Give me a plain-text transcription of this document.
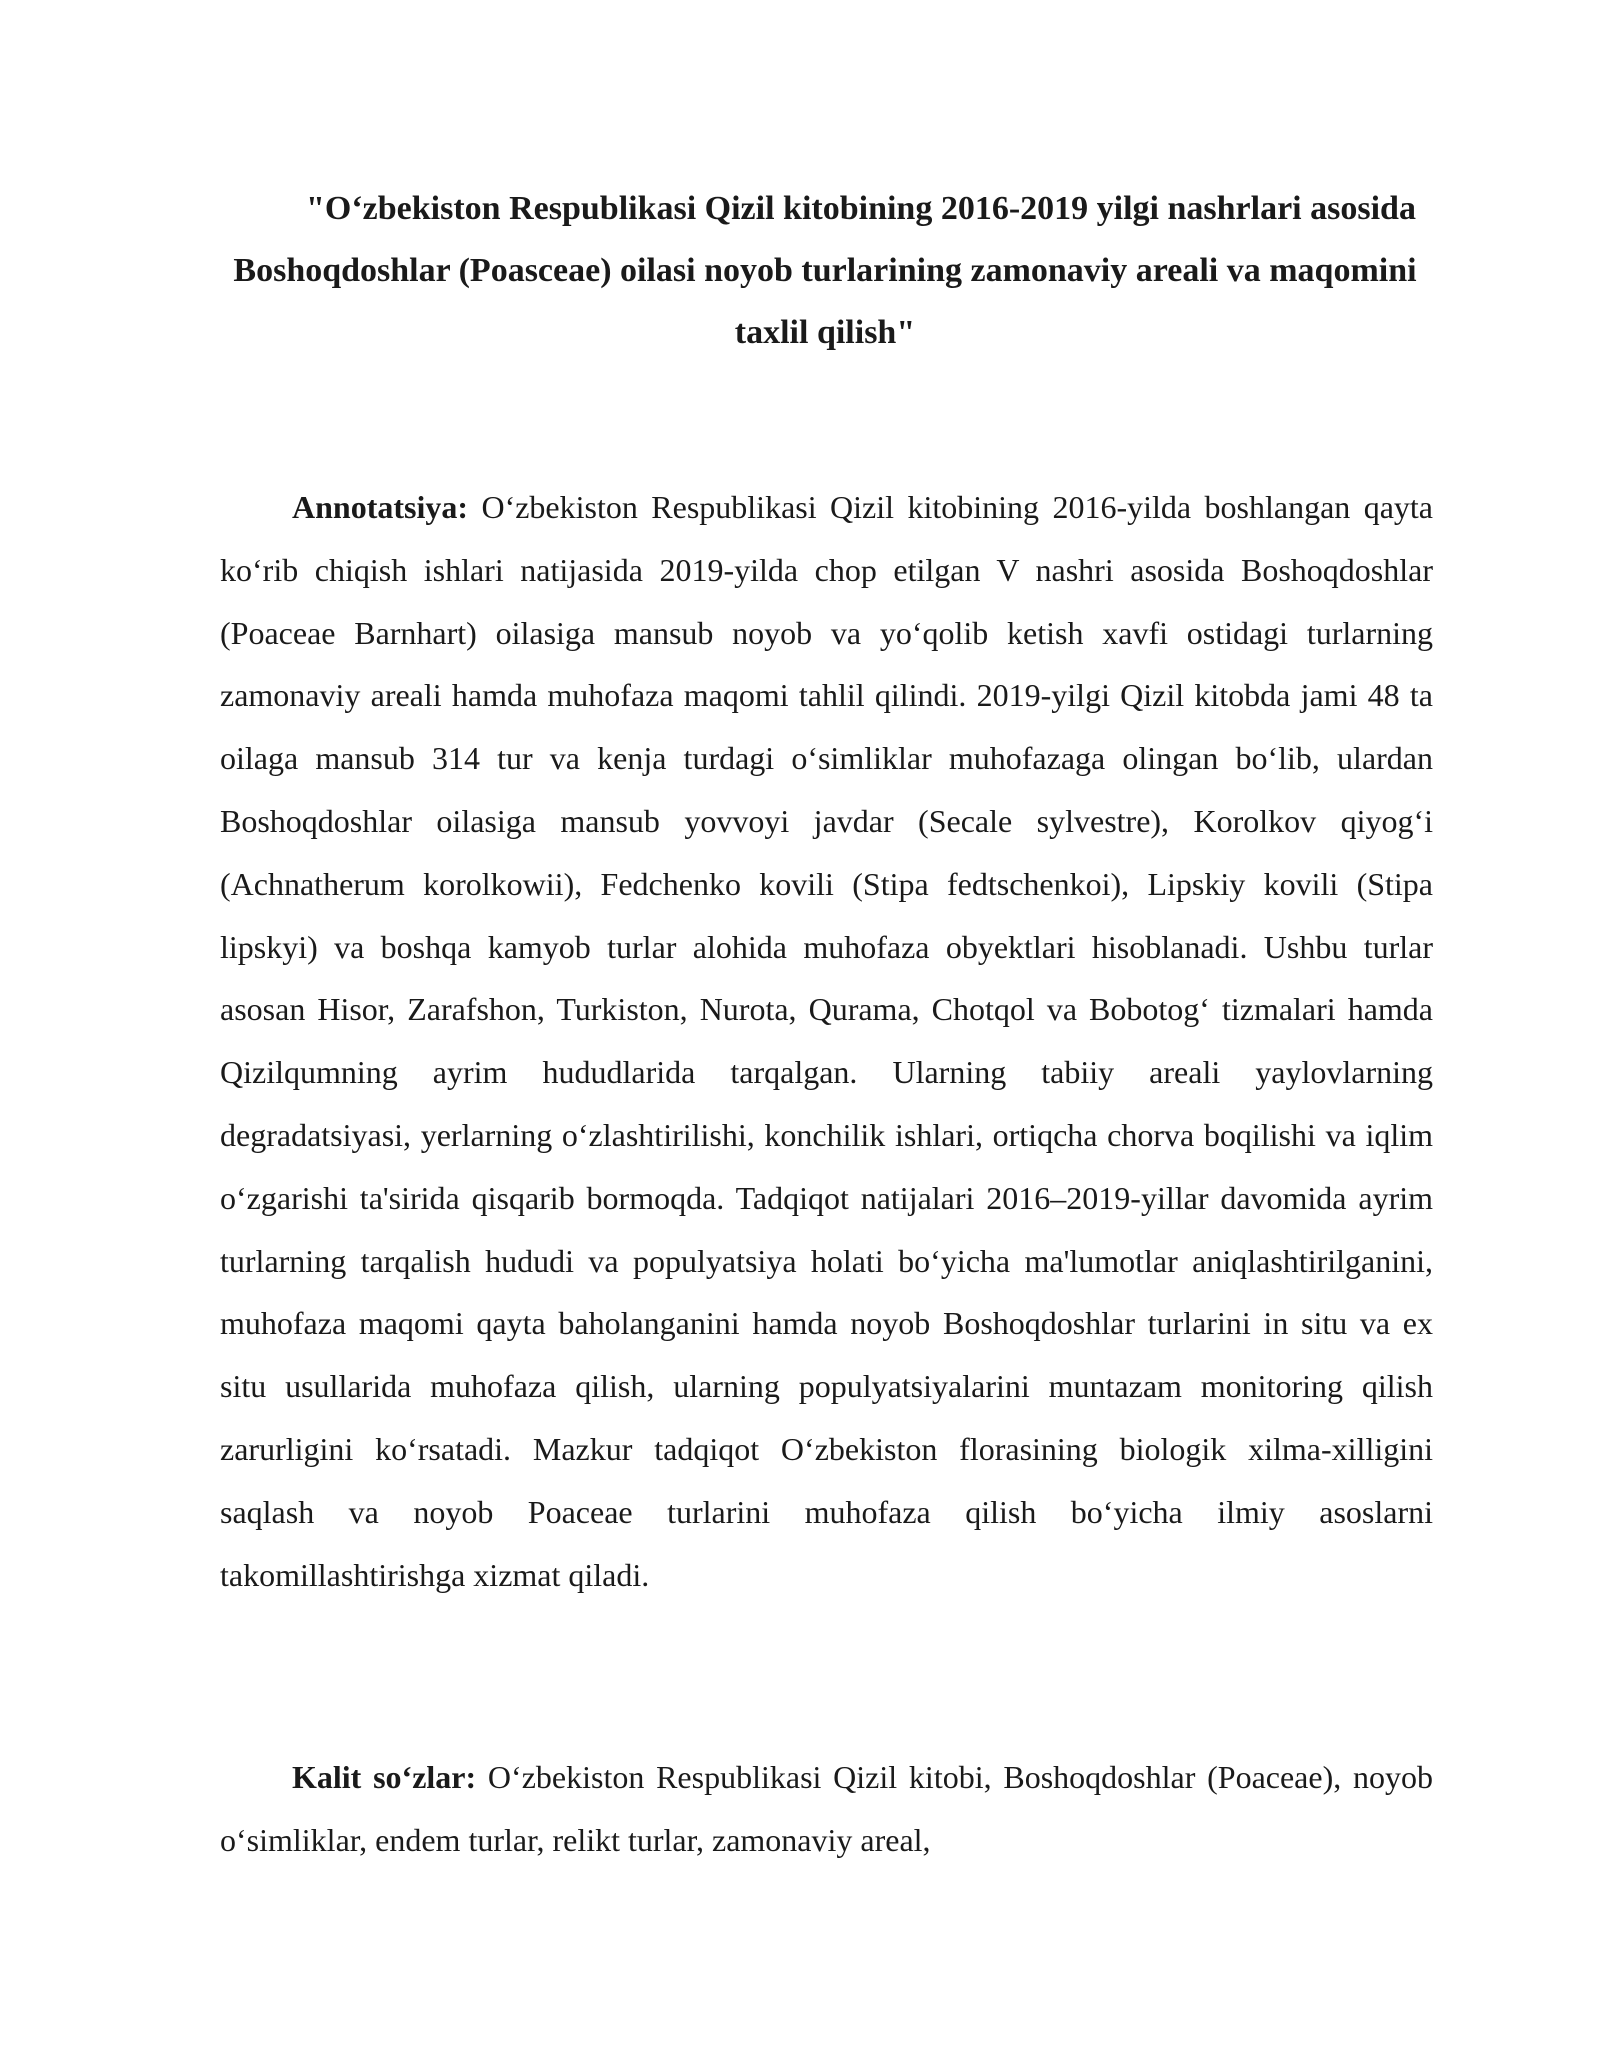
"O‘zbekiston Respublikasi Qizil kitobining 2016-2019 yilgi nashrlari asosida Boshoqdoshlar (Poasceae) oilasi noyob turlarining zamonaviy areali va maqomini taxlil qilish"

Annotatsiya: O‘zbekiston Respublikasi Qizil kitobining 2016-yilda boshlangan qayta ko‘rib chiqish ishlari natijasida 2019-yilda chop etilgan V nashri asosida Boshoqdoshlar (Poaceae Barnhart) oilasiga mansub noyob va yo‘qolib ketish xavfi ostidagi turlarning zamonaviy areali hamda muhofaza maqomi tahlil qilindi. 2019-yilgi Qizil kitobda jami 48 ta oilaga mansub 314 tur va kenja turdagi o‘simliklar muhofazaga olingan bo‘lib, ulardan Boshoqdoshlar oilasiga mansub yovvoyi javdar (Secale sylvestre), Korolkov qiyog‘i (Achnatherum korolkowii), Fedchenko kovili (Stipa fedtschenkoi), Lipskiy kovili (Stipa lipskyi) va boshqa kamyob turlar alohida muhofaza obyektlari hisoblanadi. Ushbu turlar asosan Hisor, Zarafshon, Turkiston, Nurota, Qurama, Chotqol va Bobotog‘ tizmalari hamda Qizilqumning ayrim hududlarida tarqalgan. Ularning tabiiy areali yaylovlarning degradatsiyasi, yerlarning o‘zlashtirilishi, konchilik ishlari, ortiqcha chorva boqilishi va iqlim o‘zgarishi ta'sirida qisqarib bormoqda. Tadqiqot natijalari 2016–2019-yillar davomida ayrim turlarning tarqalish hududi va populyatsiya holati bo‘yicha ma'lumotlar aniqlashtirilganini, muhofaza maqomi qayta baholanganini hamda noyob Boshoqdoshlar turlarini in situ va ex situ usullarida muhofaza qilish, ularning populyatsiyalarini muntazam monitoring qilish zarurligini ko‘rsatadi. Mazkur tadqiqot O‘zbekiston florasining biologik xilma-xilligini saqlash va noyob Poaceae turlarini muhofaza qilish bo‘yicha ilmiy asoslarni takomillashtirishga xizmat qiladi.

Kalit so‘zlar: O‘zbekiston Respublikasi Qizil kitobi, Boshoqdoshlar (Poaceae), noyob o‘simliklar, endem turlar, relikt turlar, zamonaviy areal,
